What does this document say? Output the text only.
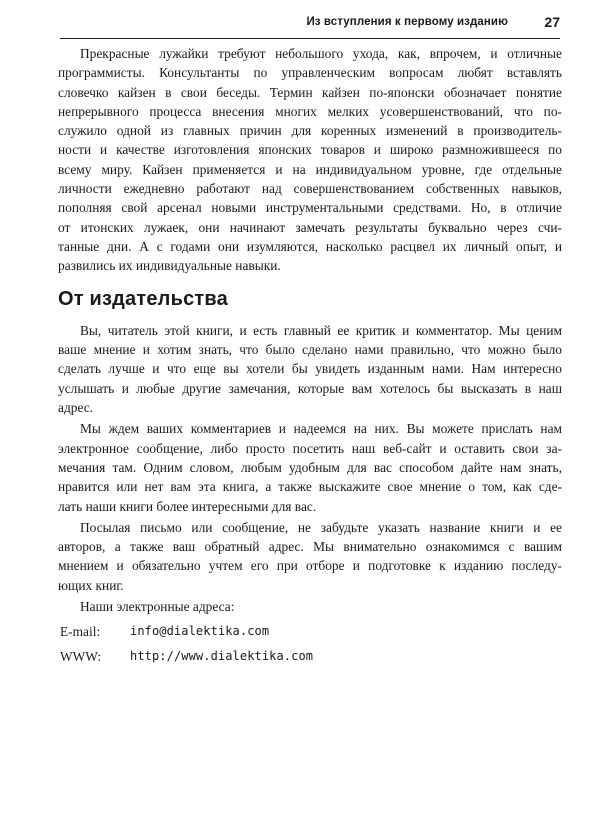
Из вступления к первому изданию	27

Прекрасные лужайки требуют небольшого ухода, как, впрочем, и отличные
программисты. Консультанты по управленческим вопросам любят вставлять
словечко кайзен в свои беседы. Термин кайзен по-японски обозначает понятие
непрерывного процесса внесения многих мелких усовершенствований, что по-
служило одной из главных причин для коренных изменений в производитель-
ности и качестве изготовления японских товаров и широко размножившееся по
всему миру. Кайзен применяется и на индивидуальном уровне, где отдельные
личности ежедневно работают над совершенствованием собственных навыков,
пополняя свой арсенал новыми инструментальными средствами. Но, в отличие
от итонских лужаек, они начинают замечать результаты буквально через счи-
танные дни. А с годами они изумляются, насколько расцвел их личный опыт, и
развились их индивидуальные навыки.

От издательства

Вы, читатель этой книги, и есть главный ее критик и комментатор. Мы ценим
ваше мнение и хотим знать, что было сделано нами правильно, что можно было
сделать лучше и что еще вы хотели бы увидеть изданным нами. Нам интересно
услышать и любые другие замечания, которые вам хотелось бы высказать в наш
адрес.

Мы ждем ваших комментариев и надеемся на них. Вы можете прислать нам
электронное сообщение, либо просто посетить наш веб-сайт и оставить свои за-
мечания там. Одним словом, любым удобным для вас способом дайте нам знать,
нравится или нет вам эта книга, а также выскажите свое мнение о том, как сде-
лать наши книги более интересными для вас.

Посылая письмо или сообщение, не забудьте указать название книги и ее
авторов, а также ваш обратный адрес. Мы внимательно ознакомимся с вашим
мнением и обязательно учтем его при отборе и подготовке к изданию последу-
ющих книг.

Наши электронные адреса:

E-mail:	info@dialektika.com
WWW:	http://www.dialektika.com
